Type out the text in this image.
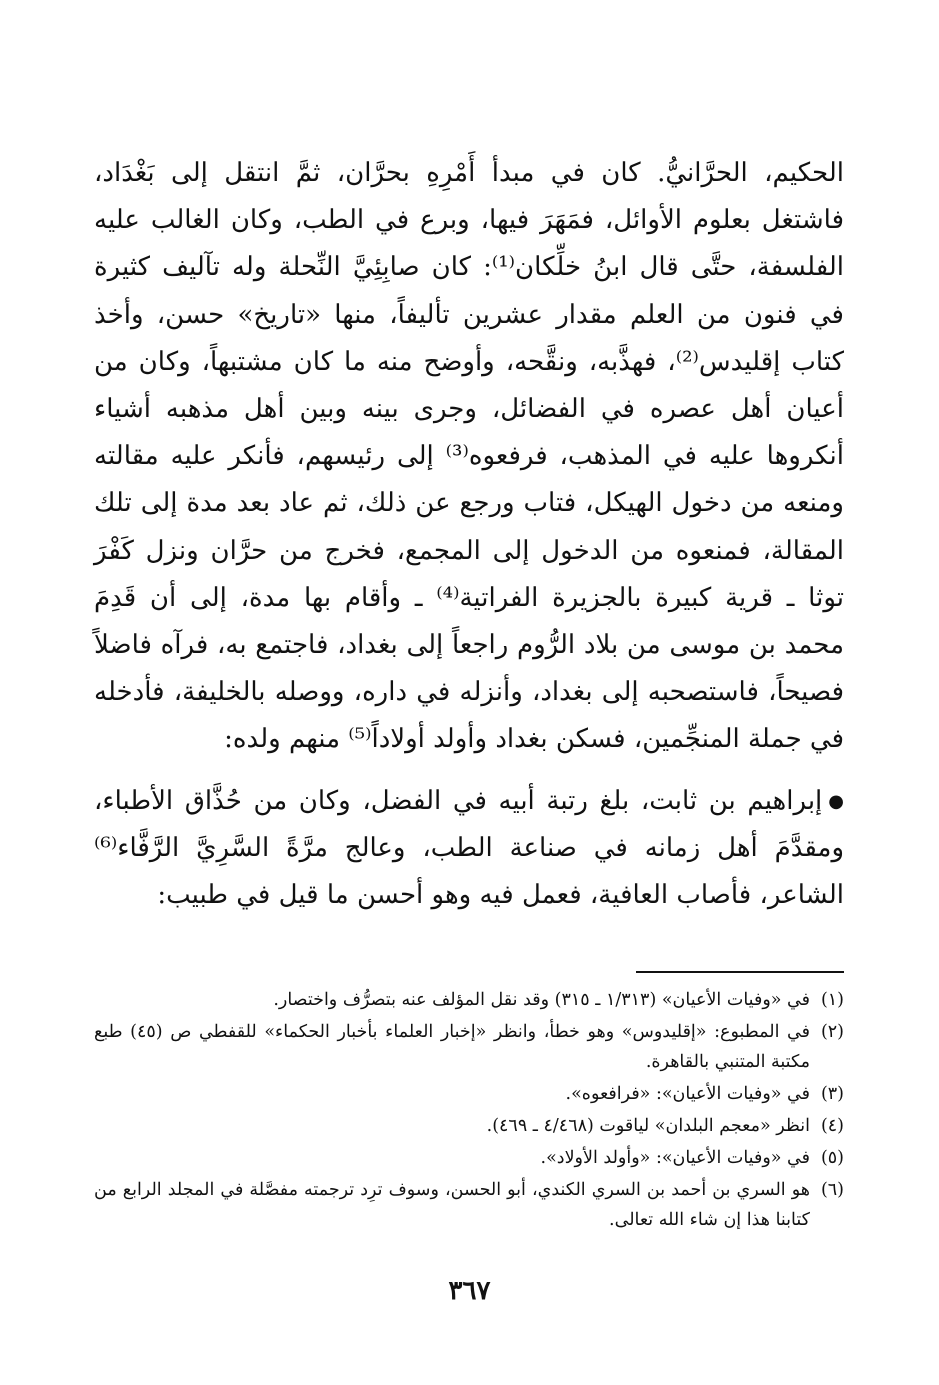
الحكيم، الحرَّانيُّ. كان في مبدأ أَمْرِهِ بحرَّان، ثمَّ انتقل إلى بَغْدَاد، فاشتغل بعلوم الأوائل، فمَهَرَ فيها، وبرع في الطب، وكان الغالب عليه الفلسفة، حتَّى قال ابنُ خلِّكان⁽¹⁾: كان صابِئِيَّ النِّحلة وله تآليف كثيرة في فنون من العلم مقدار عشرين تأليفاً، منها «تاريخ» حسن، وأخذ كتاب إقليدس⁽²⁾، فهذَّبه، ونقَّحه، وأوضح منه ما كان مشتبهاً، وكان من أعيان أهل عصره في الفضائل، وجرى بينه وبين أهل مذهبه أشياء أنكروها عليه في المذهب، فرفعوه⁽³⁾ إلى رئيسهم، فأنكر عليه مقالته ومنعه من دخول الهيكل، فتاب ورجع عن ذلك، ثم عاد بعد مدة إلى تلك المقالة، فمنعوه من الدخول إلى المجمع، فخرج من حرَّان ونزل كَفْرَ توثا ـ قرية كبيرة بالجزيرة الفراتية⁽⁴⁾ ـ وأقام بها مدة، إلى أن قَدِمَ محمد بن موسى من بلاد الرُّوم راجعاً إلى بغداد، فاجتمع به، فرآه فاضلاً فصيحاً، فاستصحبه إلى بغداد، وأنزله في داره، ووصله بالخليفة، فأدخله في جملة المنجِّمين، فسكن بغداد وأولد أولاداً⁽⁵⁾ منهم ولده:

●إبراهيم بن ثابت، بلغ رتبة أبيه في الفضل، وكان من حُذَّاق الأطباء، ومقدَّمَ أهل زمانه في صناعة الطب، وعالج مرَّةً السَّرِيَّ الرَّفَّاء⁽⁶⁾ الشاعر، فأصاب العافية، فعمل فيه وهو أحسن ما قيل في طبيب:

(١)
في «وفيات الأعيان» (١/٣١٣ ـ ٣١٥) وقد نقل المؤلف عنه بتصرُّف واختصار.
(٢)
في المطبوع: «إقليدوس» وهو خطأ، وانظر «إخبار العلماء بأخبار الحكماء» للقفطي ص (٤٥) طبع مكتبة المتنبي بالقاهرة.
(٣)
في «وفيات الأعيان»: «فرافعوه».
(٤)
انظر «معجم البلدان» لياقوت (٤/٤٦٨ ـ ٤٦٩).
(٥)
في «وفيات الأعيان»: «وأولد الأولاد».
(٦)
هو السري بن أحمد بن السري الكندي، أبو الحسن، وسوف ترِد ترجمته مفصَّلة في المجلد الرابع من كتابنا هذا إن شاء الله تعالى.
٣٦٧
